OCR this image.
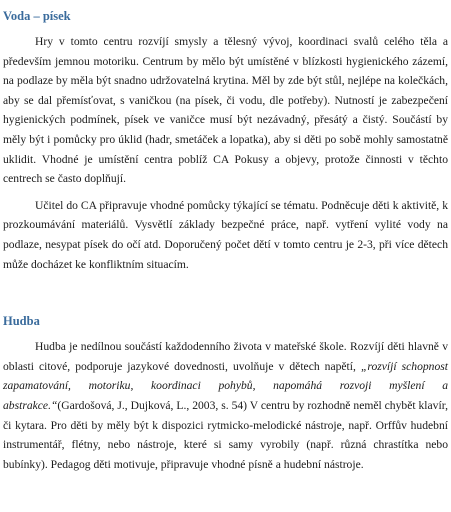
Voda – písek

Hry v tomto centru rozvíjí smysly a tělesný vývoj, koordinaci svalů celého těla a především jemnou motoriku. Centrum by mělo být umístěné v blízkosti hygienického zázemí, na podlaze by měla být snadno udržovatelná krytina. Měl by zde být stůl, nejlépe na kolečkách, aby se dal přemísťovat, s vaničkou (na písek, či vodu, dle potřeby). Nutností je zabezpečení hygienických podmínek, písek ve vaničce musí být nezávadný, přesátý a čistý. Součástí by měly být i pomůcky pro úklid (hadr, smetáček a lopatka), aby si děti po sobě mohly samostatně uklidit. Vhodné je umístění centra poblíž CA Pokusy a objevy, protože činnosti v těchto centrech se často doplňují.

Učitel do CA připravuje vhodné pomůcky týkající se tématu. Podněcuje děti k aktivitě, k prozkoumávání materiálů. Vysvětlí základy bezpečné práce, např. vytření vylité vody na podlaze, nesypat písek do očí atd. Doporučený počet dětí v tomto centru je 2-3, při více dětech může docházet ke konfliktním situacím.

Hudba

Hudba je nedílnou součástí každodenního života v mateřské škole. Rozvíjí děti hlavně v oblasti citové, podporuje jazykové dovednosti, uvolňuje v dětech napětí, „rozvíjí schopnost zapamatování, motoriku, koordinaci pohybů, napomáhá rozvoji myšlení a abstrakce.“(Gardošová, J., Dujková, L., 2003, s. 54) V centru by rozhodně neměl chybět klavír, či kytara. Pro děti by měly být k dispozici rytmicko-melodické nástroje, např. Orffův hudební instrumentář, flétny, nebo nástroje, které si samy vyrobily (např. různá chrastítka nebo bubínky). Pedagog děti motivuje, připravuje vhodné písně a hudební nástroje.
